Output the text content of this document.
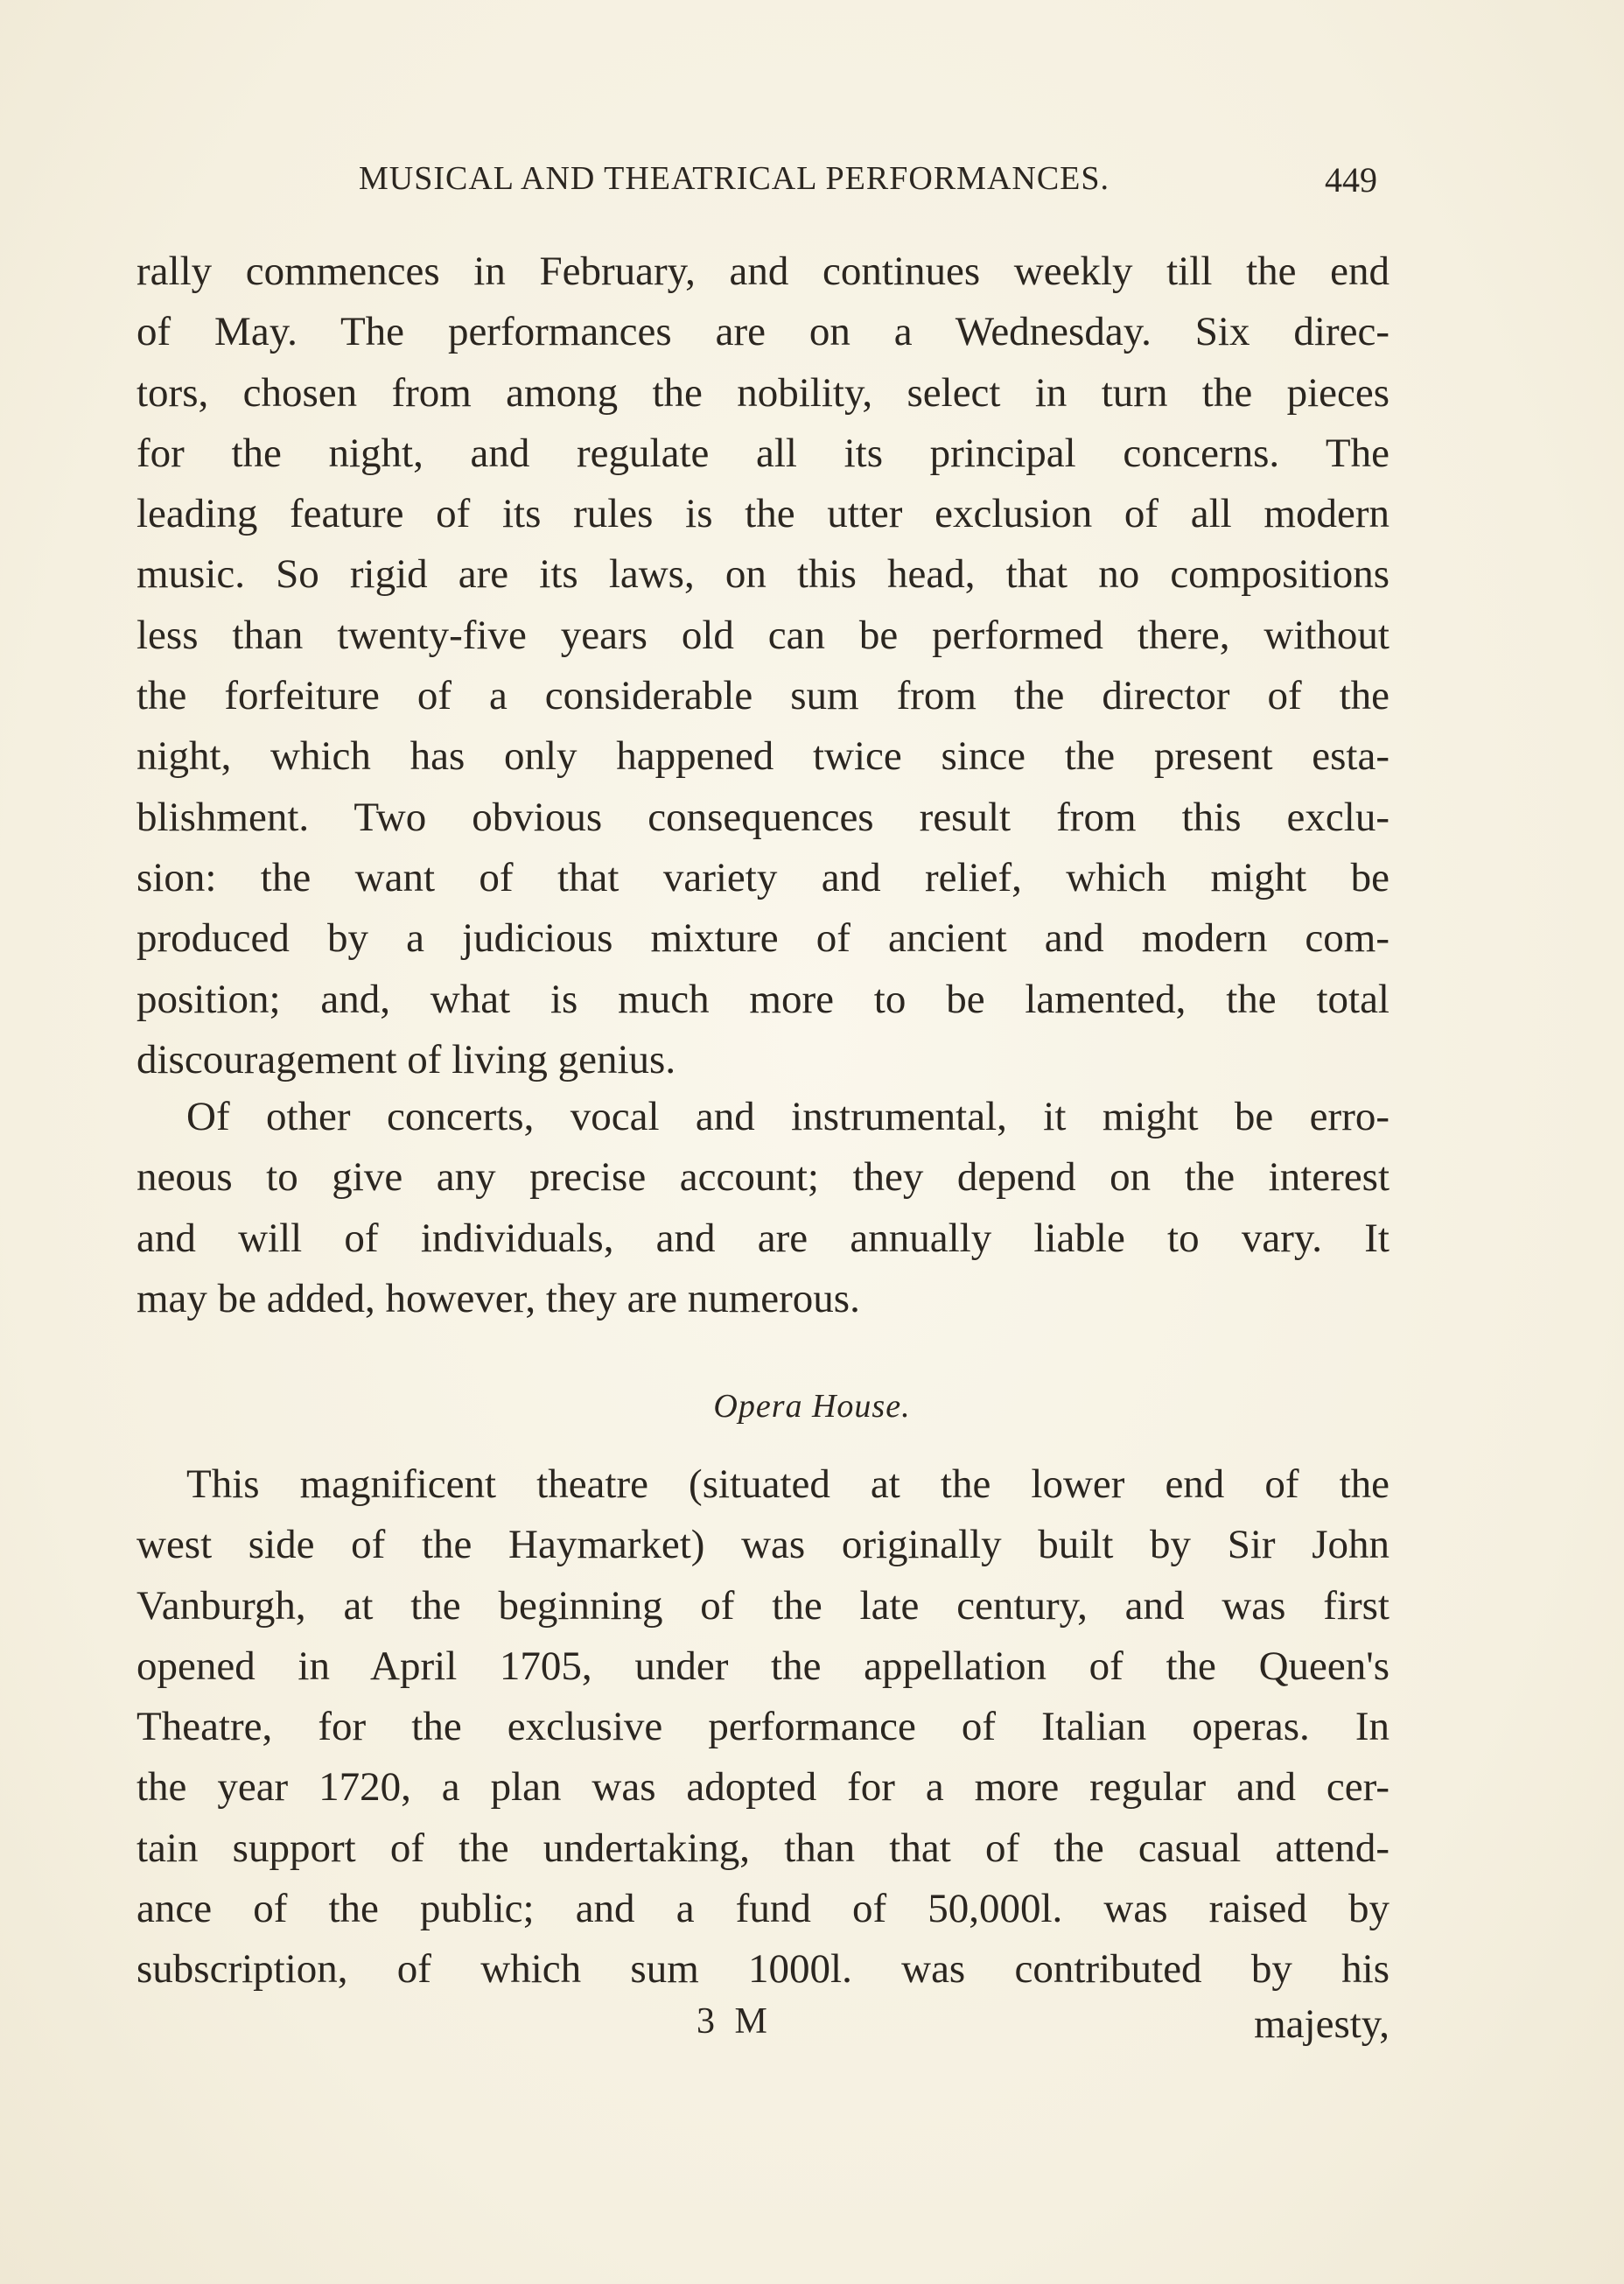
MUSICAL AND THEATRICAL PERFORMANCES.	449
rally commences in February, and continues weekly till the end
of May. The performances are on a Wednesday. Six direc-
tors, chosen from among the nobility, select in turn the pieces
for the night, and regulate all its principal concerns. The
leading feature of its rules is the utter exclusion of all modern
music. So rigid are its laws, on this head, that no compositions
less than twenty-five years old can be performed there, without
the forfeiture of a considerable sum from the director of the
night, which has only happened twice since the present esta-
blishment. Two obvious consequences result from this exclu-
sion: the want of that variety and relief, which might be
produced by a judicious mixture of ancient and modern com-
position; and, what is much more to be lamented, the total
discouragement of living genius.
Of other concerts, vocal and instrumental, it might be erro-
neous to give any precise account; they depend on the interest
and will of individuals, and are annually liable to vary. It
may be added, however, they are numerous.
Opera House.
This magnificent theatre (situated at the lower end of the
west side of the Haymarket) was originally built by Sir John
Vanburgh, at the beginning of the late century, and was first
opened in April 1705, under the appellation of the Queen's
Theatre, for the exclusive performance of Italian operas. In
the year 1720, a plan was adopted for a more regular and cer-
tain support of the undertaking, than that of the casual attend-
ance of the public; and a fund of 50,000l. was raised by
subscription, of which sum 1000l. was contributed by his
3 M	majesty,
